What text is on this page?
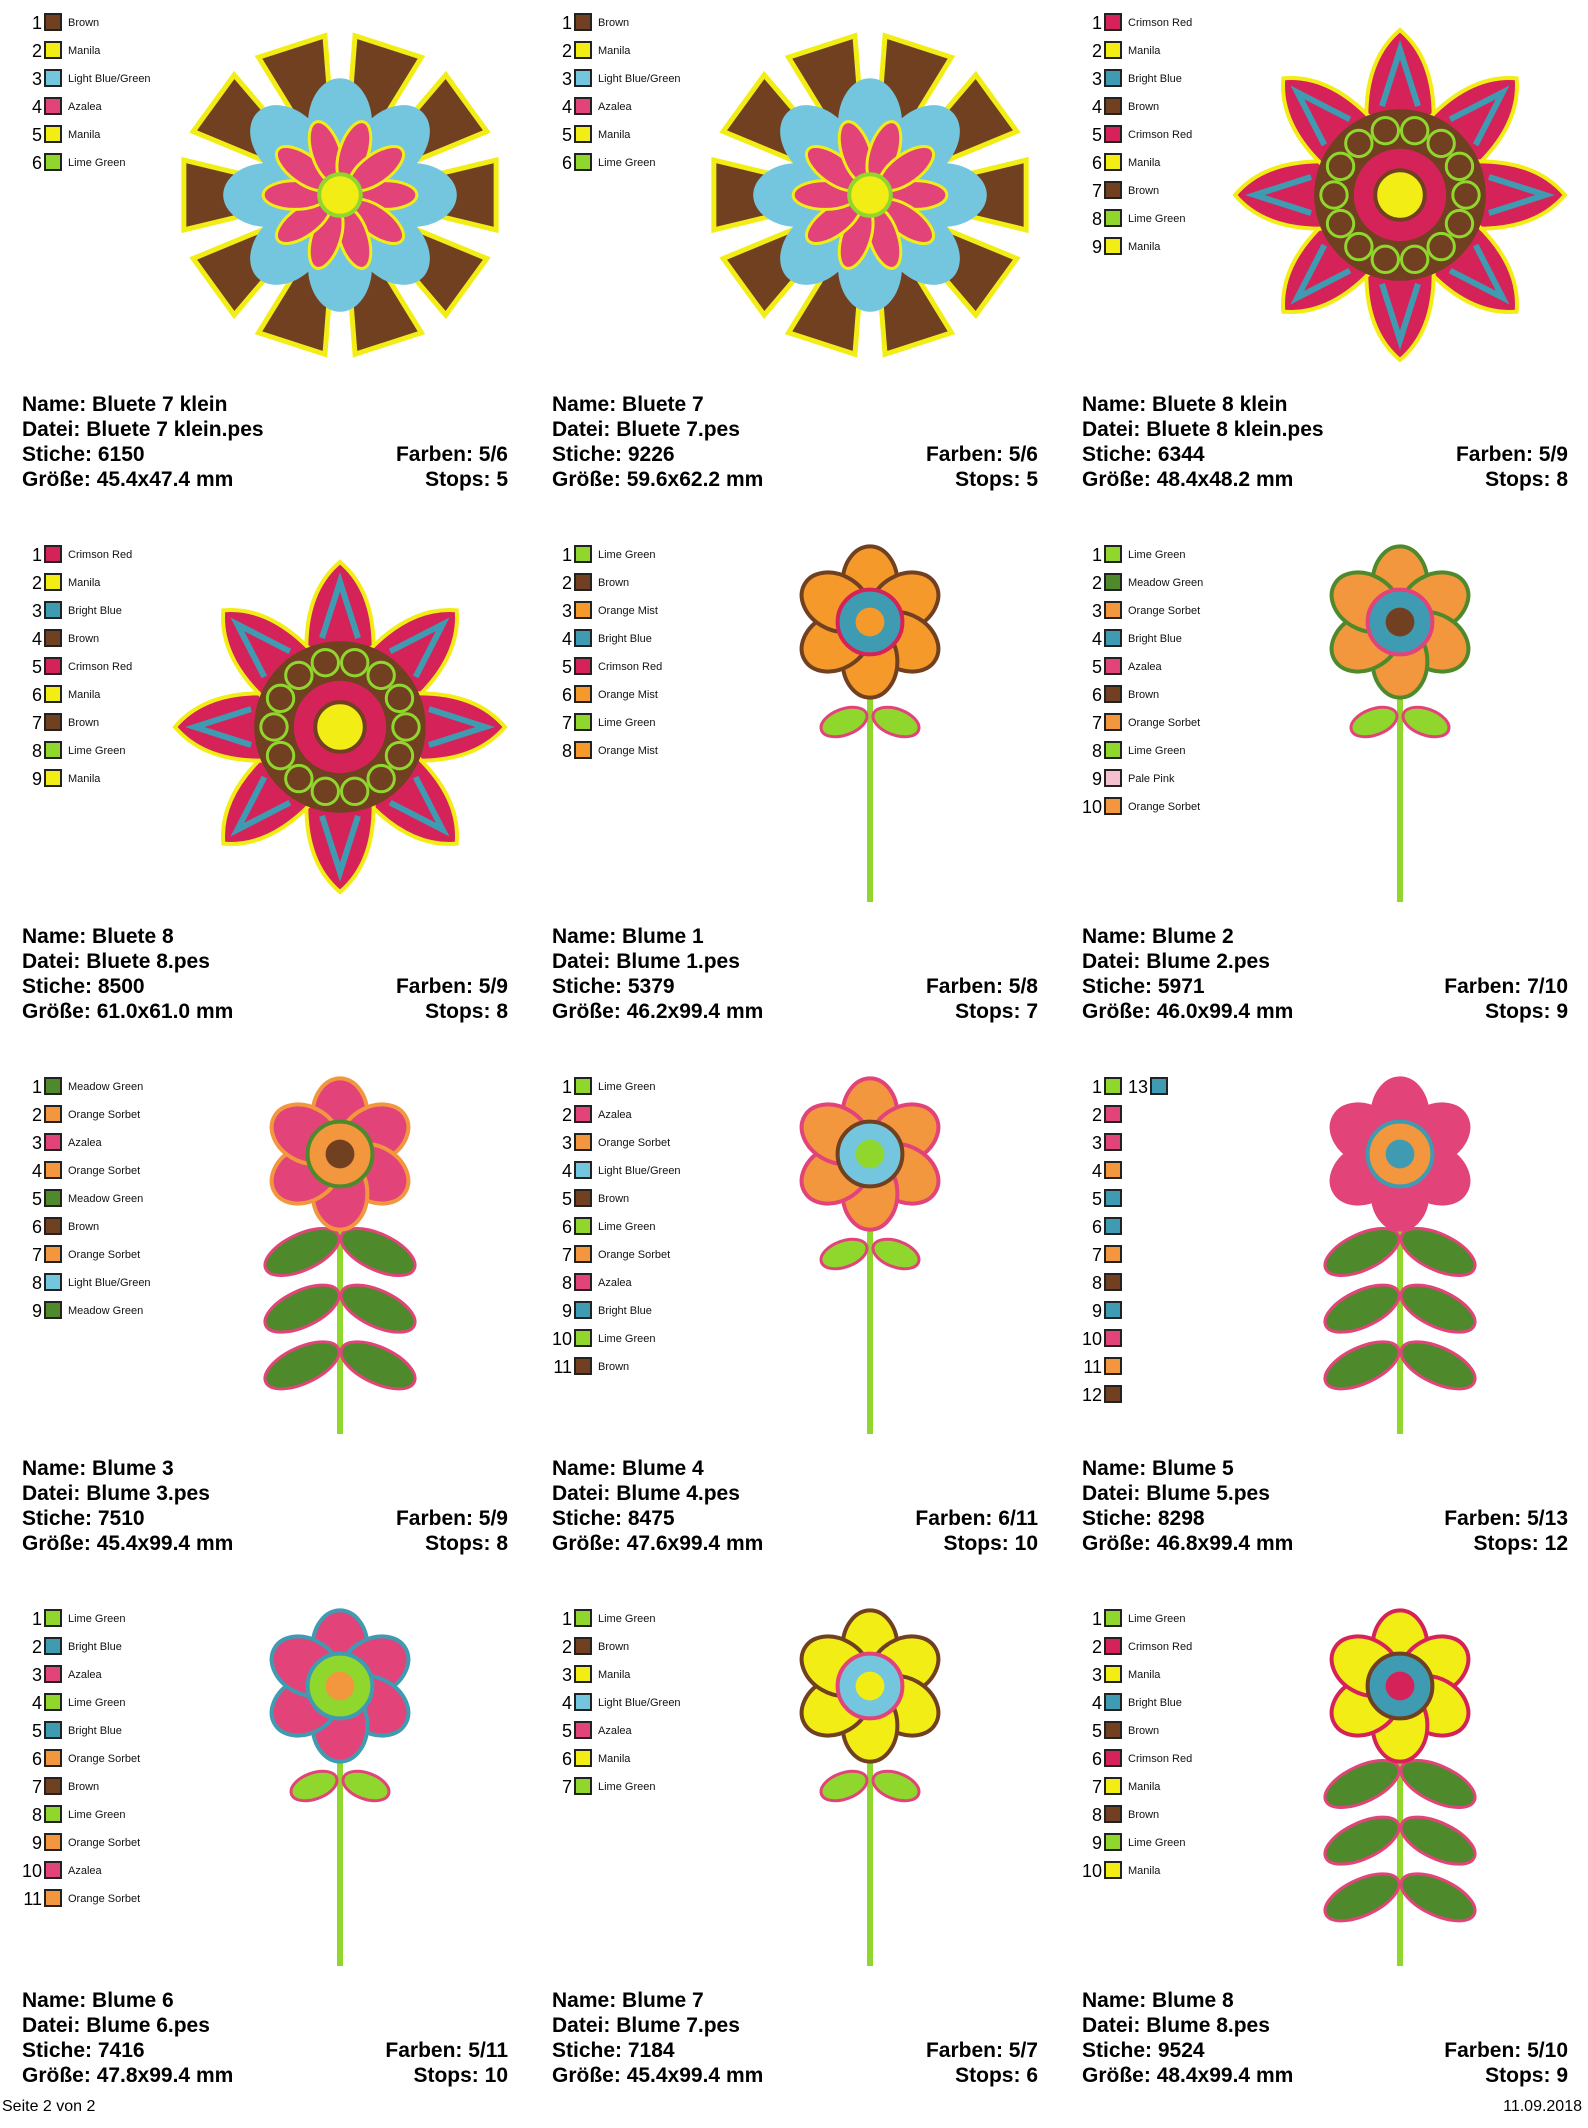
1 Brown
2 Manila
3 Light Blue/Green
4 Azalea
5 Manila
6 Lime Green
Name: Bluete 7 klein
Datei: Bluete 7 klein.pes
Stiche: 6150	Farben: 5/6
Größe: 45.4x47.4 mm	Stops: 5
1 Brown
2 Manila
3 Light Blue/Green
4 Azalea
5 Manila
6 Lime Green
Name: Bluete 7
Datei: Bluete 7.pes
Stiche: 9226	Farben: 5/6
Größe: 59.6x62.2 mm	Stops: 5
1 Crimson Red
2 Manila
3 Bright Blue
4 Brown
5 Crimson Red
6 Manila
7 Brown
8 Lime Green
9 Manila
Name: Bluete 8 klein
Datei: Bluete 8 klein.pes
Stiche: 6344	Farben: 5/9
Größe: 48.4x48.2 mm	Stops: 8
1 Crimson Red
2 Manila
3 Bright Blue
4 Brown
5 Crimson Red
6 Manila
7 Brown
8 Lime Green
9 Manila
Name: Bluete 8
Datei: Bluete 8.pes
Stiche: 8500	Farben: 5/9
Größe: 61.0x61.0 mm	Stops: 8
1 Lime Green
2 Brown
3 Orange Mist
4 Bright Blue
5 Crimson Red
6 Orange Mist
7 Lime Green
8 Orange Mist
Name: Blume 1
Datei: Blume 1.pes
Stiche: 5379	Farben: 5/8
Größe: 46.2x99.4 mm	Stops: 7
1 Lime Green
2 Meadow Green
3 Orange Sorbet
4 Bright Blue
5 Azalea
6 Brown
7 Orange Sorbet
8 Lime Green
9 Pale Pink
10 Orange Sorbet
Name: Blume 2
Datei: Blume 2.pes
Stiche: 5971	Farben: 7/10
Größe: 46.0x99.4 mm	Stops: 9
1 Meadow Green
2 Orange Sorbet
3 Azalea
4 Orange Sorbet
5 Meadow Green
6 Brown
7 Orange Sorbet
8 Light Blue/Green
9 Meadow Green
Name: Blume 3
Datei: Blume 3.pes
Stiche: 7510	Farben: 5/9
Größe: 45.4x99.4 mm	Stops: 8
1 Lime Green
2 Azalea
3 Orange Sorbet
4 Light Blue/Green
5 Brown
6 Lime Green
7 Orange Sorbet
8 Azalea
9 Bright Blue
10 Lime Green
11 Brown
Name: Blume 4
Datei: Blume 4.pes
Stiche: 8475	Farben: 6/11
Größe: 47.6x99.4 mm	Stops: 10
1 13
2
3
4
5
6
7
8
9
10
11
12
Name: Blume 5
Datei: Blume 5.pes
Stiche: 8298	Farben: 5/13
Größe: 46.8x99.4 mm	Stops: 12
1 Lime Green
2 Bright Blue
3 Azalea
4 Lime Green
5 Bright Blue
6 Orange Sorbet
7 Brown
8 Lime Green
9 Orange Sorbet
10 Azalea
11 Orange Sorbet
Name: Blume 6
Datei: Blume 6.pes
Stiche: 7416	Farben: 5/11
Größe: 47.8x99.4 mm	Stops: 10
1 Lime Green
2 Brown
3 Manila
4 Light Blue/Green
5 Azalea
6 Manila
7 Lime Green
Name: Blume 7
Datei: Blume 7.pes
Stiche: 7184	Farben: 5/7
Größe: 45.4x99.4 mm	Stops: 6
1 Lime Green
2 Crimson Red
3 Manila
4 Bright Blue
5 Brown
6 Crimson Red
7 Manila
8 Brown
9 Lime Green
10 Manila
Name: Blume 8
Datei: Blume 8.pes
Stiche: 9524	Farben: 5/10
Größe: 48.4x99.4 mm	Stops: 9
Seite 2 von 2	11.09.2018
